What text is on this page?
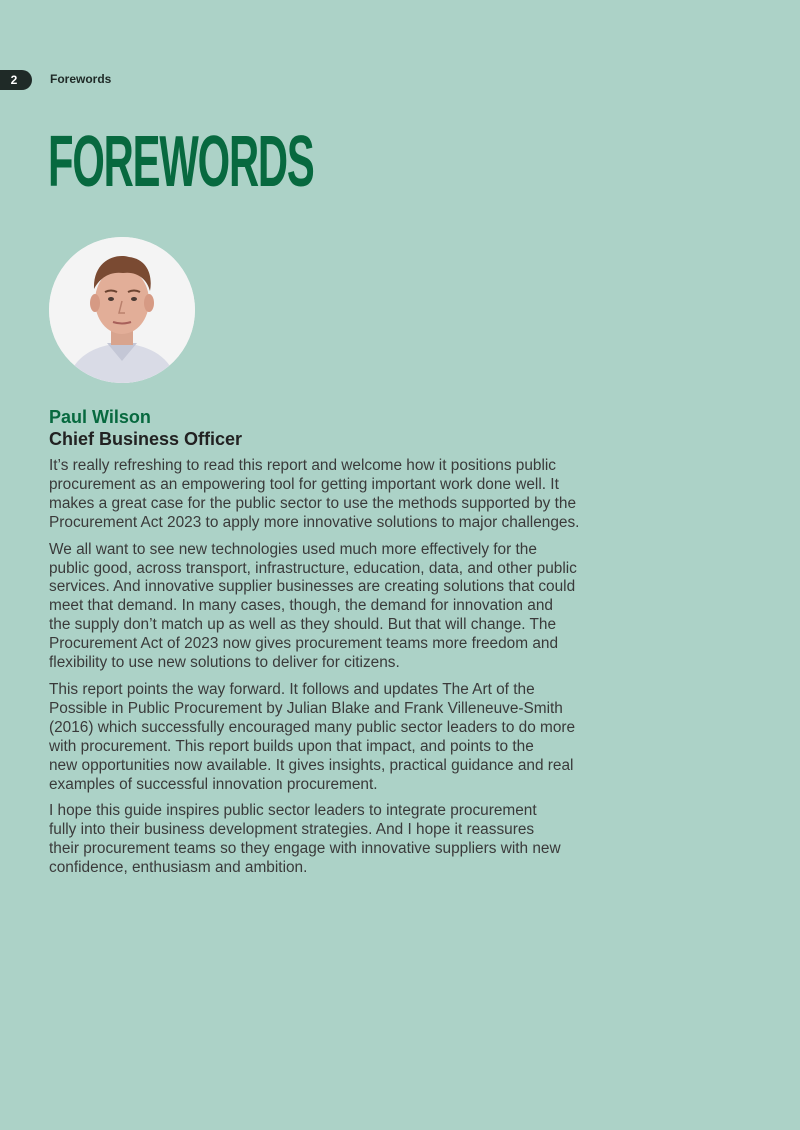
2	Forewords
FOREWORDS
Paul Wilson
Chief Business Officer

It’s really refreshing to read this report and welcome how it positions public
procurement as an empowering tool for getting important work done well. It
makes a great case for the public sector to use the methods supported by the
Procurement Act 2023 to apply more innovative solutions to major challenges.

We all want to see new technologies used much more effectively for the
public good, across transport, infrastructure, education, data, and other public
services. And innovative supplier businesses are creating solutions that could
meet that demand. In many cases, though, the demand for innovation and
the supply don’t match up as well as they should. But that will change. The
Procurement Act of 2023 now gives procurement teams more freedom and
flexibility to use new solutions to deliver for citizens.

This report points the way forward. It follows and updates The Art of the
Possible in Public Procurement by Julian Blake and Frank Villeneuve-Smith
(2016) which successfully encouraged many public sector leaders to do more
with procurement. This report builds upon that impact, and points to the
new opportunities now available. It gives insights, practical guidance and real
examples of successful innovation procurement.

I hope this guide inspires public sector leaders to integrate procurement
fully into their business development strategies. And I hope it reassures
their procurement teams so they engage with innovative suppliers with new
confidence, enthusiasm and ambition.
